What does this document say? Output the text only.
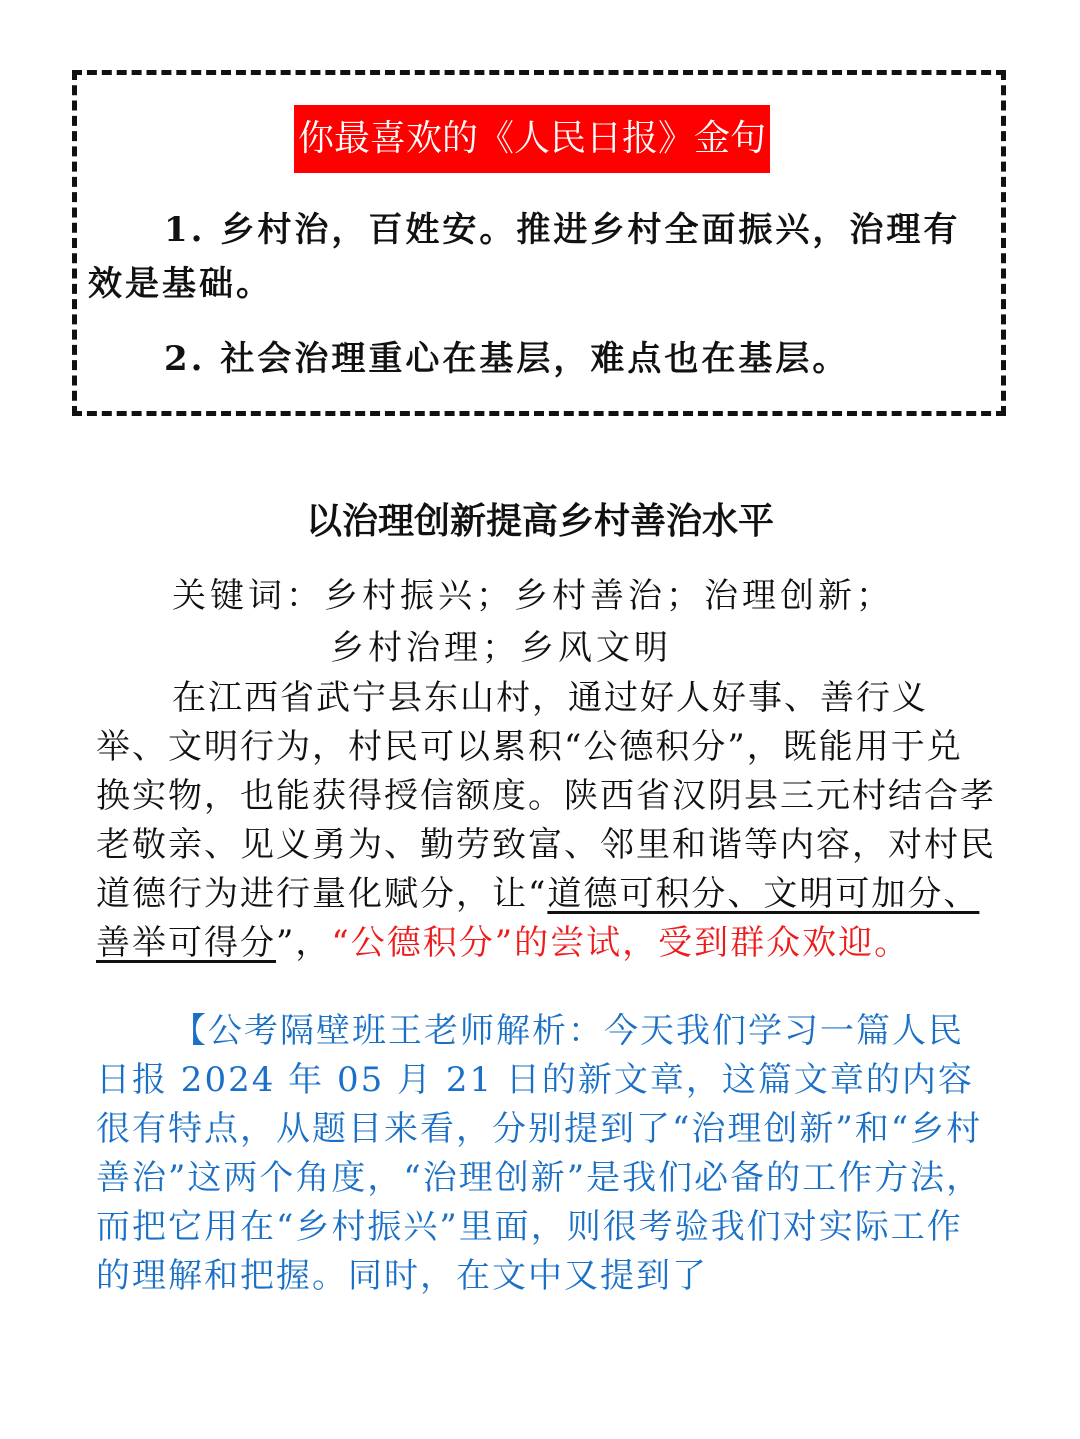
你最喜欢的《人民日报》金句

1. 乡村治，百姓安。推进乡村全面振兴，治理有效是基础。

2. 社会治理重心在基层，难点也在基层。

以治理创新提高乡村善治水平

关键词：乡村振兴；乡村善治；治理创新；
乡村治理；乡风文明

在江西省武宁县东山村，通过好人好事、善行义举、文明行为，村民可以累积“公德积分”，既能用于兑换实物，也能获得授信额度。陕西省汉阴县三元村结合孝老敬亲、见义勇为、勤劳致富、邻里和谐等内容，对村民道德行为进行量化赋分，让“道德可积分、文明可加分、善举可得分”，“公德积分”的尝试，受到群众欢迎。

【公考隔壁班王老师解析：今天我们学习一篇人民日报 2024 年 05 月 21 日的新文章，这篇文章的内容很有特点，从题目来看，分别提到了“治理创新”和“乡村善治”这两个角度，“治理创新”是我们必备的工作方法，而把它用在“乡村振兴”里面，则很考验我们对实际工作的理解和把握。同时，在文中又提到了
